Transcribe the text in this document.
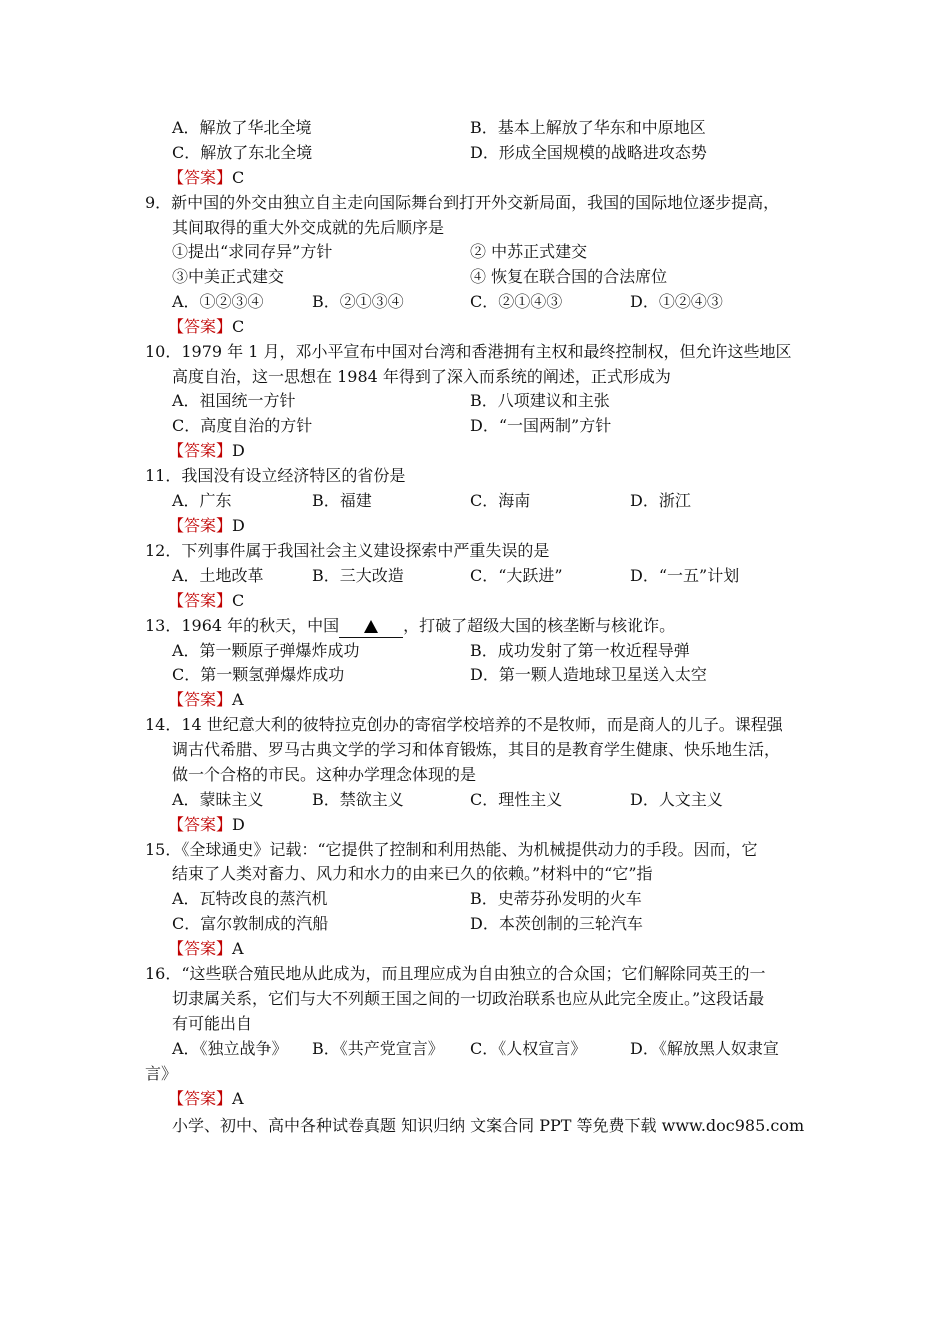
A．解放了华北全境	B．基本上解放了华东和中原地区
C．解放了东北全境	D．形成全国规模的战略进攻态势
【答案】C
9．新中国的外交由独立自主走向国际舞台到打开外交新局面，我国的国际地位逐步提高，
其间取得的重大外交成就的先后顺序是
①提出“求同存异”方针	② 中苏正式建交
③中美正式建交	④ 恢复在联合国的合法席位
A．①②③④	B．②①③④	C．②①④③	D．①②④③
【答案】C
10．1979 年 1 月，邓小平宣布中国对台湾和香港拥有主权和最终控制权，但允许这些地区
高度自治，这一思想在 1984 年得到了深入而系统的阐述，正式形成为
A．祖国统一方针	B．八项建议和主张
C．高度自治的方针	D．“一国两制”方针
【答案】D
11．我国没有设立经济特区的省份是
A．广东	B．福建	C．海南	D．浙江
【答案】D
12．下列事件属于我国社会主义建设探索中严重失误的是
A．土地改革	B．三大改造	C．“大跃进”	D．“一五”计划
【答案】C
13．1964 年的秋天，中国	，打破了超级大国的核垄断与核讹诈。
A．第一颗原子弹爆炸成功	B．成功发射了第一枚近程导弹
C．第一颗氢弹爆炸成功	D．第一颗人造地球卫星送入太空
【答案】A
14．14 世纪意大利的彼特拉克创办的寄宿学校培养的不是牧师，而是商人的儿子。课程强
调古代希腊、罗马古典文学的学习和体育锻炼，其目的是教育学生健康、快乐地生活，
做一个合格的市民。这种办学理念体现的是
A．蒙昧主义	B．禁欲主义	C．理性主义	D．人文主义
【答案】D
15．《全球通史》记载：“它提供了控制和利用热能、为机械提供动力的手段。因而，它
结束了人类对畜力、风力和水力的由来已久的依赖。”材料中的“它”指
A．瓦特改良的蒸汽机	B．史蒂芬孙发明的火车
C．富尔敦制成的汽船	D．本茨创制的三轮汽车
【答案】A
16．“这些联合殖民地从此成为，而且理应成为自由独立的合众国；它们解除同英王的一
切隶属关系，它们与大不列颠王国之间的一切政治联系也应从此完全废止。”这段话最
有可能出自
A．《独立战争》 B．《共产党宣言》 C．《人权宣言》	D．《解放黑人奴隶宣
言》
【答案】A
小学、初中、高中各种试卷真题 知识归纳 文案合同 PPT 等免费下载 www.doc985.com
